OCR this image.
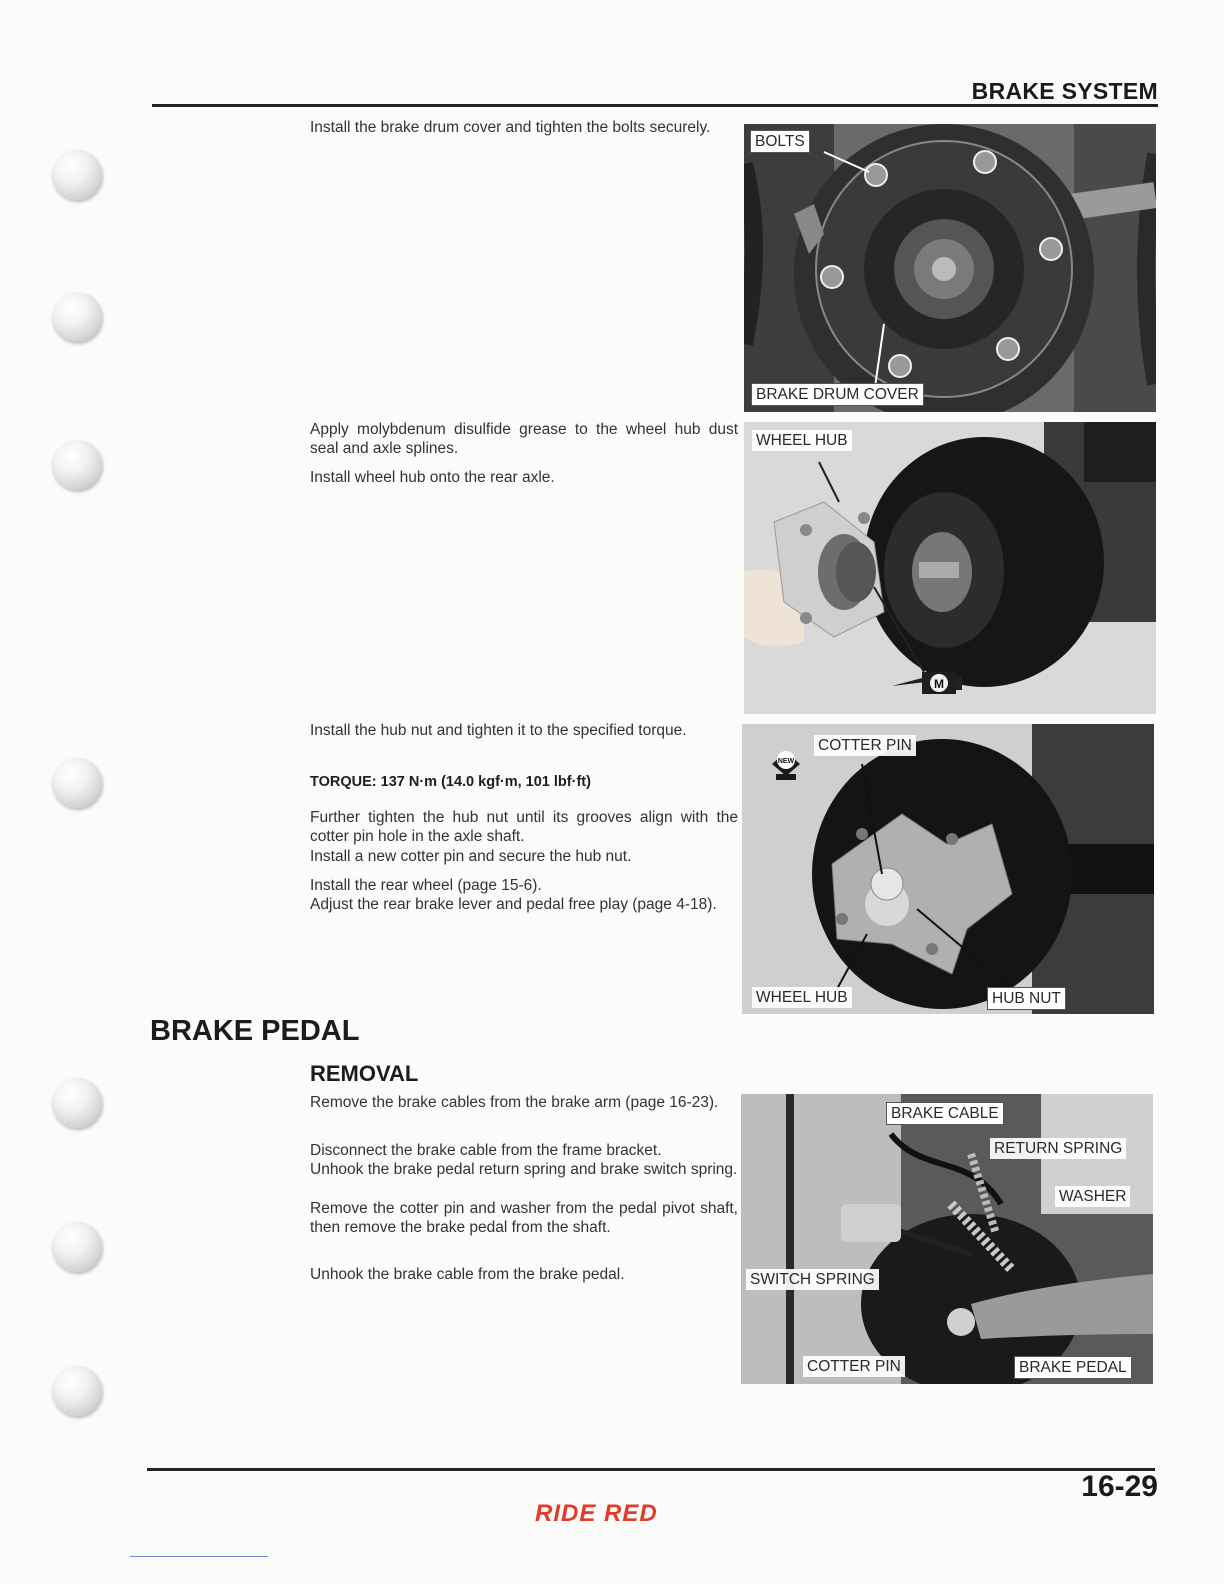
BRAKE SYSTEM

Install the brake drum cover and tighten the bolts securely.

BOLTS
BRAKE DRUM COVER

Apply molybdenum disulfide grease to the wheel hub dust seal and axle splines.

Install wheel hub onto the rear axle.

M
WHEEL HUB

Install the hub nut and tighten it to the specified torque.

TORQUE: 137 N·m (14.0 kgf·m, 101 lbf·ft)

Further tighten the hub nut until its grooves align with the cotter pin hole in the axle shaft.

Install a new cotter pin and secure the hub nut.

Install the rear wheel (page 15-6).

Adjust the rear brake lever and pedal free play (page 4-18).

NEW
COTTER PIN
WHEEL HUB	HUB NUT
BRAKE PEDAL
REMOVAL

Remove the brake cables from the brake arm (page 16-23).

Disconnect the brake cable from the frame bracket.

Unhook the brake pedal return spring and brake switch spring.

Remove the cotter pin and washer from the pedal pivot shaft, then remove the brake pedal from the shaft.

Unhook the brake cable from the brake pedal.

BRAKE CABLE
RETURN SPRING
WASHER
SWITCH SPRING
COTTER PIN	BRAKE PEDAL
16-29
RIDE RED
